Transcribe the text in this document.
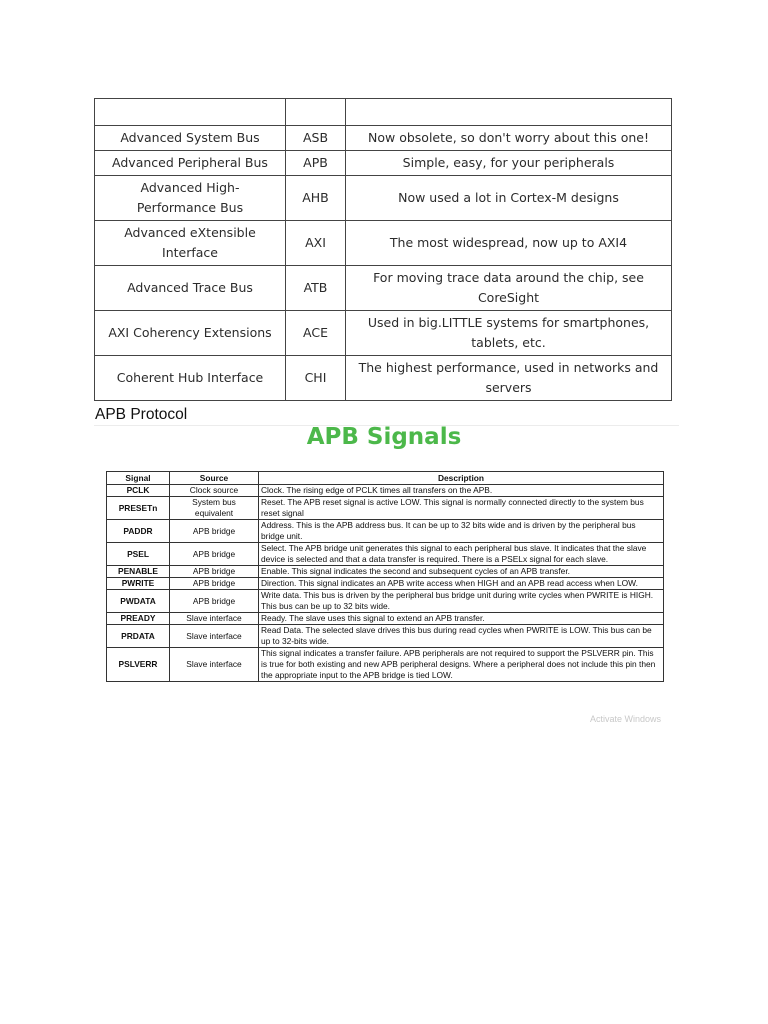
Advanced System Bus	ASB	Now obsolete, so don't worry about this one!
Advanced Peripheral Bus	APB	Simple, easy, for your peripherals
Advanced High-Performance Bus	AHB	Now used a lot in Cortex-M designs
Advanced eXtensible Interface	AXI	The most widespread, now up to AXI4
Advanced Trace Bus	ATB	For moving trace data around the chip, see CoreSight
AXI Coherency Extensions	ACE	Used in big.LITTLE systems for smartphones, tablets, etc.
Coherent Hub Interface	CHI	The highest performance, used in networks and servers
APB Protocol
APB Signals
Signal	Source	Description
PCLK	Clock source	Clock. The rising edge of PCLK times all transfers on the APB.
PRESETn	System bus equivalent	Reset. The APB reset signal is active LOW. This signal is normally connected directly to the system bus reset signal
PADDR	APB bridge	Address. This is the APB address bus. It can be up to 32 bits wide and is driven by the peripheral bus bridge unit.
PSEL	APB bridge	Select. The APB bridge unit generates this signal to each peripheral bus slave. It indicates that the slave device is selected and that a data transfer is required. There is a PSELx signal for each slave.
PENABLE	APB bridge	Enable. This signal indicates the second and subsequent cycles of an APB transfer.
PWRITE	APB bridge	Direction. This signal indicates an APB write access when HIGH and an APB read access when LOW.
PWDATA	APB bridge	Write data. This bus is driven by the peripheral bus bridge unit during write cycles when PWRITE is HIGH. This bus can be up to 32 bits wide.
PREADY	Slave interface	Ready. The slave uses this signal to extend an APB transfer.
PRDATA	Slave interface	Read Data. The selected slave drives this bus during read cycles when PWRITE is LOW. This bus can be up to 32-bits wide.
PSLVERR	Slave interface	This signal indicates a transfer failure. APB peripherals are not required to support the PSLVERR pin. This is true for both existing and new APB peripheral designs. Where a peripheral does not include this pin then the appropriate input to the APB bridge is tied LOW.
Activate Windows
